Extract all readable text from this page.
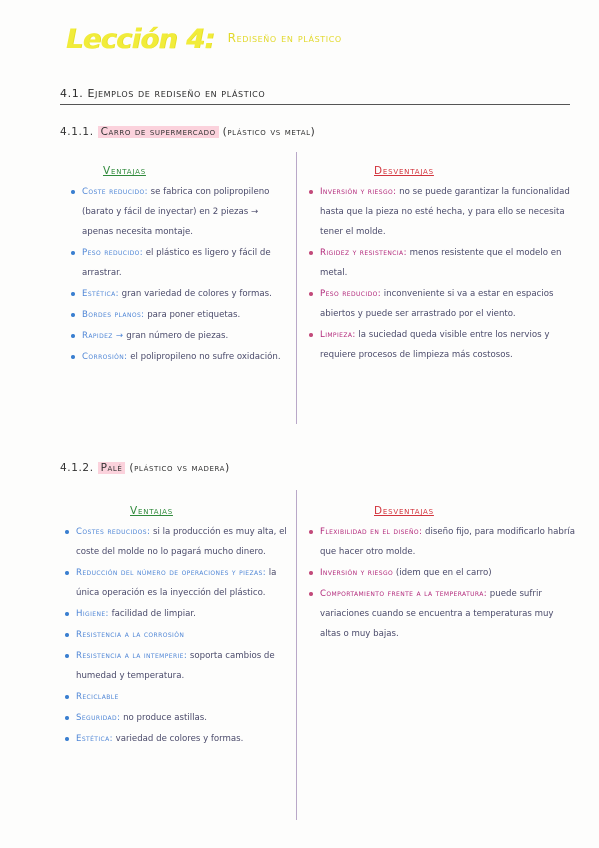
Lección 4: $^{Rediseño en plástico}$
4.1. Ejemplos de rediseño en plástico
4.1.1. Carro de supermercado (plástico vs metal)
Ventajas	Desventajas
Coste reducido: se fabrica con polipropileno (barato y fácil de inyectar) en 2 piezas → apenas necesita montaje.
Peso reducido: el plástico es ligero y fácil de arrastrar.
Estética: gran variedad de colores y formas.
Bordes planos: para poner etiquetas.
Rapidez → gran número de piezas.
Corrosión: el polipropileno no sufre oxidación.
Inversión y riesgo: no se puede garantizar la funcionalidad hasta que la pieza no esté hecha, y para ello se necesita tener el molde.
Rigidez y resistencia: menos resistente que el modelo en metal.
Peso reducido: inconveniente si va a estar en espacios abiertos y puede ser arrastrado por el viento.
Limpieza: la suciedad queda visible entre los nervios y requiere procesos de limpieza más costosos.
4.1.2. Palé (plástico vs madera)
Ventajas	Desventajas
Costes reducidos: si la producción es muy alta, el coste del molde no lo pagará mucho dinero.
Reducción del número de operaciones y piezas: la única operación es la inyección del plástico.
Higiene: facilidad de limpiar.
Resistencia a la corrosión
Resistencia a la intemperie: soporta cambios de humedad y temperatura.
Reciclable
Seguridad: no produce astillas.
Estética: variedad de colores y formas.
Flexibilidad en el diseño: diseño fijo, para modificarlo habría que hacer otro molde.
Inversión y riesgo (idem que en el carro)
Comportamiento frente a la temperatura: puede sufrir variaciones cuando se encuentra a temperaturas muy altas o muy bajas.
